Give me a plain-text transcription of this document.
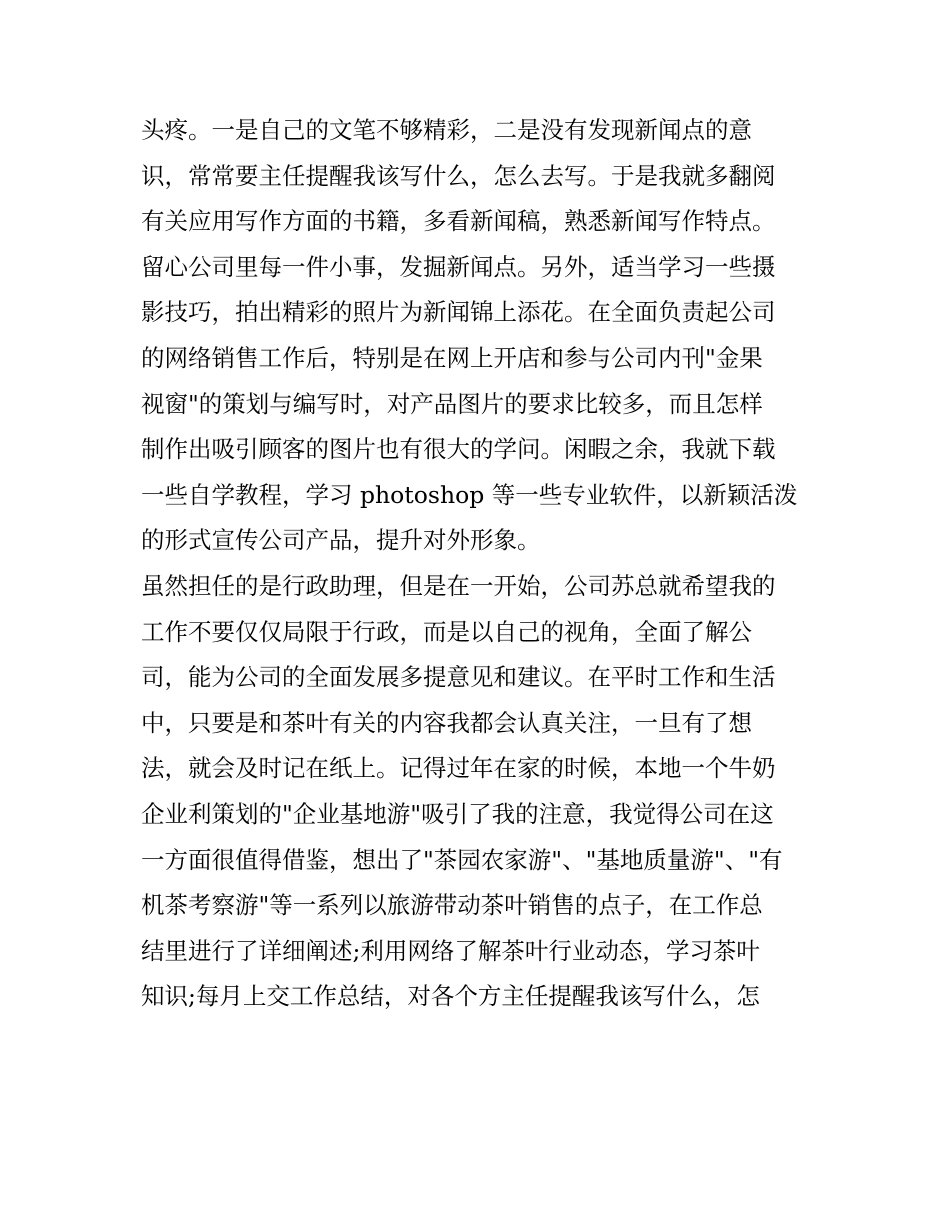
头疼。一是自己的文笔不够精彩，二是没有发现新闻点的意
识，常常要主任提醒我该写什么，怎么去写。于是我就多翻阅
有关应用写作方面的书籍，多看新闻稿，熟悉新闻写作特点。
留心公司里每一件小事，发掘新闻点。另外，适当学习一些摄
影技巧，拍出精彩的照片为新闻锦上添花。在全面负责起公司
的网络销售工作后，特别是在网上开店和参与公司内刊"金果
视窗"的策划与编写时，对产品图片的要求比较多，而且怎样
制作出吸引顾客的图片也有很大的学问。闲暇之余，我就下载
一些自学教程，学习 photoshop 等一些专业软件，以新颖活泼
的形式宣传公司产品，提升对外形象。
虽然担任的是行政助理，但是在一开始，公司苏总就希望我的
工作不要仅仅局限于行政，而是以自己的视角，全面了解公
司，能为公司的全面发展多提意见和建议。在平时工作和生活
中，只要是和茶叶有关的内容我都会认真关注，一旦有了想
法，就会及时记在纸上。记得过年在家的时候，本地一个牛奶
企业利策划的"企业基地游"吸引了我的注意，我觉得公司在这
一方面很值得借鉴，想出了"茶园农家游"、"基地质量游"、"有
机茶考察游"等一系列以旅游带动茶叶销售的点子，在工作总
结里进行了详细阐述;利用网络了解茶叶行业动态，学习茶叶
知识;每月上交工作总结，对各个方主任提醒我该写什么，怎
